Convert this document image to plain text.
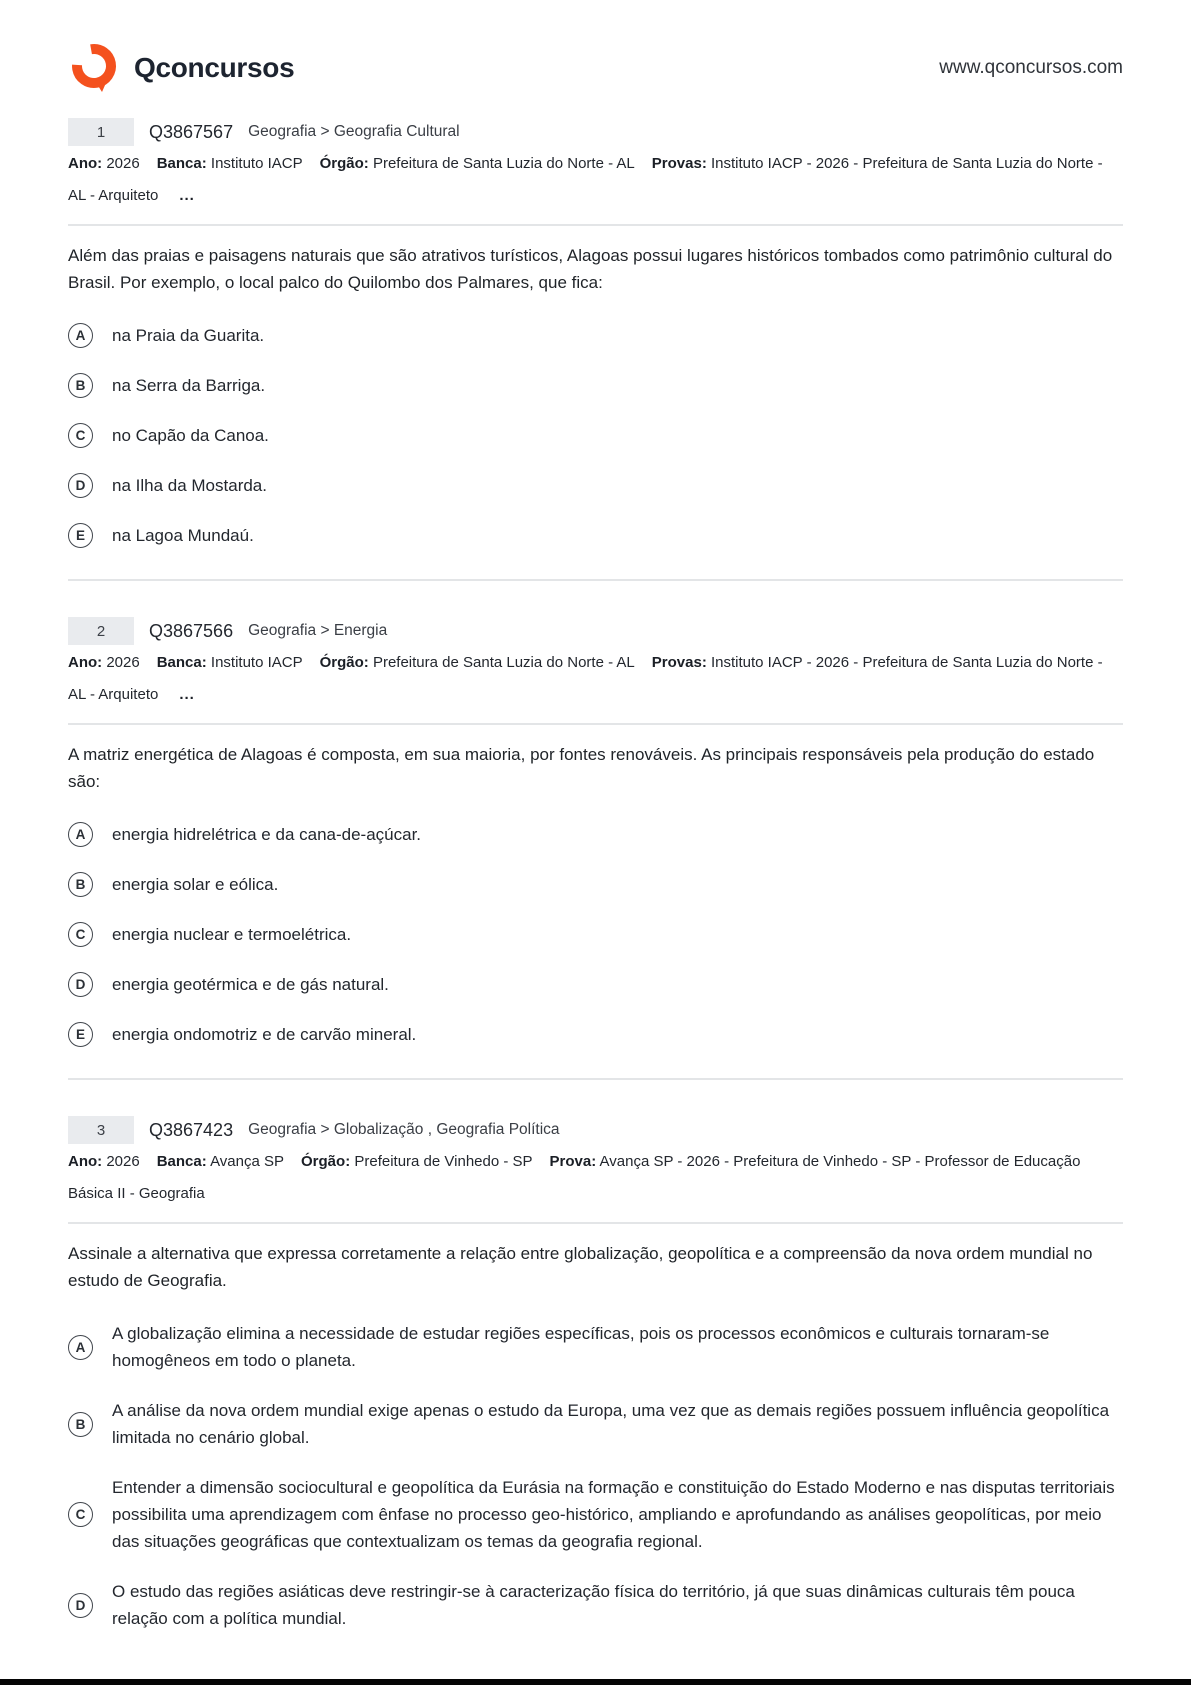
Qconcursos	www.qconcursos.com
1	Q3867567 Geografia > Geografia Cultural

Ano: 2026 Banca: Instituto IACP Órgão: Prefeitura de Santa Luzia do Norte - AL Provas: Instituto IACP - 2026 - Prefeitura de Santa Luzia do Norte - AL - Arquiteto ...

Além das praias e paisagens naturais que são atrativos turísticos, Alagoas possui lugares históricos tombados como patrimônio cultural do Brasil. Por exemplo, o local palco do Quilombo dos Palmares, que fica:

A	na Praia da Guarita.
B	na Serra da Barriga.
C	no Capão da Canoa.
D	na Ilha da Mostarda.
E	na Lagoa Mundaú.
2	Q3867566 Geografia > Energia

Ano: 2026 Banca: Instituto IACP Órgão: Prefeitura de Santa Luzia do Norte - AL Provas: Instituto IACP - 2026 - Prefeitura de Santa Luzia do Norte - AL - Arquiteto ...

A matriz energética de Alagoas é composta, em sua maioria, por fontes renováveis. As principais responsáveis pela produção do estado são:

A	energia hidrelétrica e da cana-de-açúcar.
B	energia solar e eólica.
C	energia nuclear e termoelétrica.
D	energia geotérmica e de gás natural.
E	energia ondomotriz e de carvão mineral.
3	Q3867423 Geografia > Globalização , Geografia Política

Ano: 2026 Banca: Avança SP Órgão: Prefeitura de Vinhedo - SP Prova: Avança SP - 2026 - Prefeitura de Vinhedo - SP - Professor de Educação Básica II - Geografia

Assinale a alternativa que expressa corretamente a relação entre globalização, geopolítica e a compreensão da nova ordem mundial no estudo de Geografia.

A
A globalização elimina a necessidade de estudar regiões específicas, pois os processos econômicos e culturais tornaram-se homogêneos em todo o planeta.
B
A análise da nova ordem mundial exige apenas o estudo da Europa, uma vez que as demais regiões possuem influência geopolítica limitada no cenário global.
C
Entender a dimensão sociocultural e geopolítica da Eurásia na formação e constituição do Estado Moderno e nas disputas territoriais possibilita uma aprendizagem com ênfase no processo geo-histórico, ampliando e aprofundando as análises geopolíticas, por meio das situações geográficas que contextualizam os temas da geografia regional.
D
O estudo das regiões asiáticas deve restringir-se à caracterização física do território, já que suas dinâmicas culturais têm pouca relação com a política mundial.
